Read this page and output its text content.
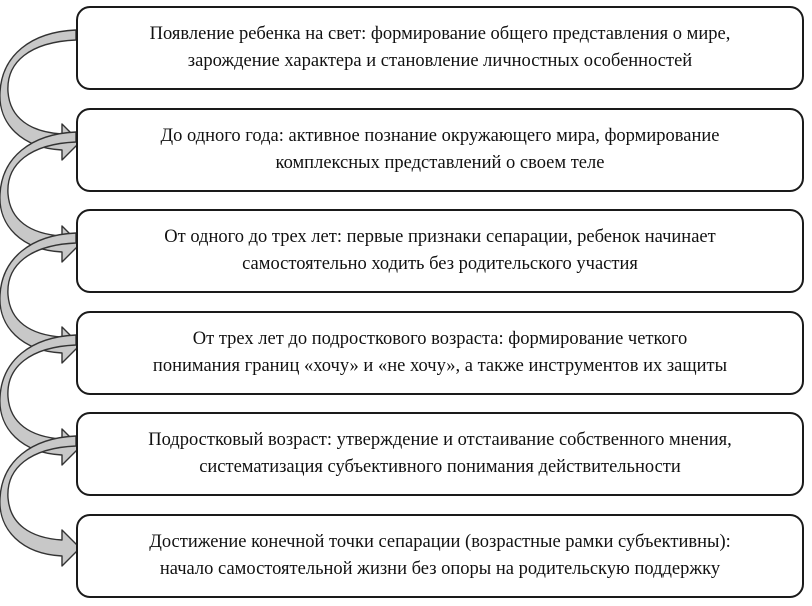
Появление ребенка на свет: формирование общего представления о мире,
зарождение характера и становление личностных особенностей
До одного года: активное познание окружающего мира, формирование
комплексных представлений о своем теле
От одного до трех лет: первые признаки сепарации, ребенок начинает
самостоятельно ходить без родительского участия
От трех лет до подросткового возраста: формирование четкого
понимания границ «хочу» и «не хочу», а также инструментов их защиты
Подростковый возраст: утверждение и отстаивание собственного мнения,
систематизация субъективного понимания действительности
Достижение конечной точки сепарации (возрастные рамки субъективны):
начало самостоятельной жизни без опоры на родительскую поддержку
